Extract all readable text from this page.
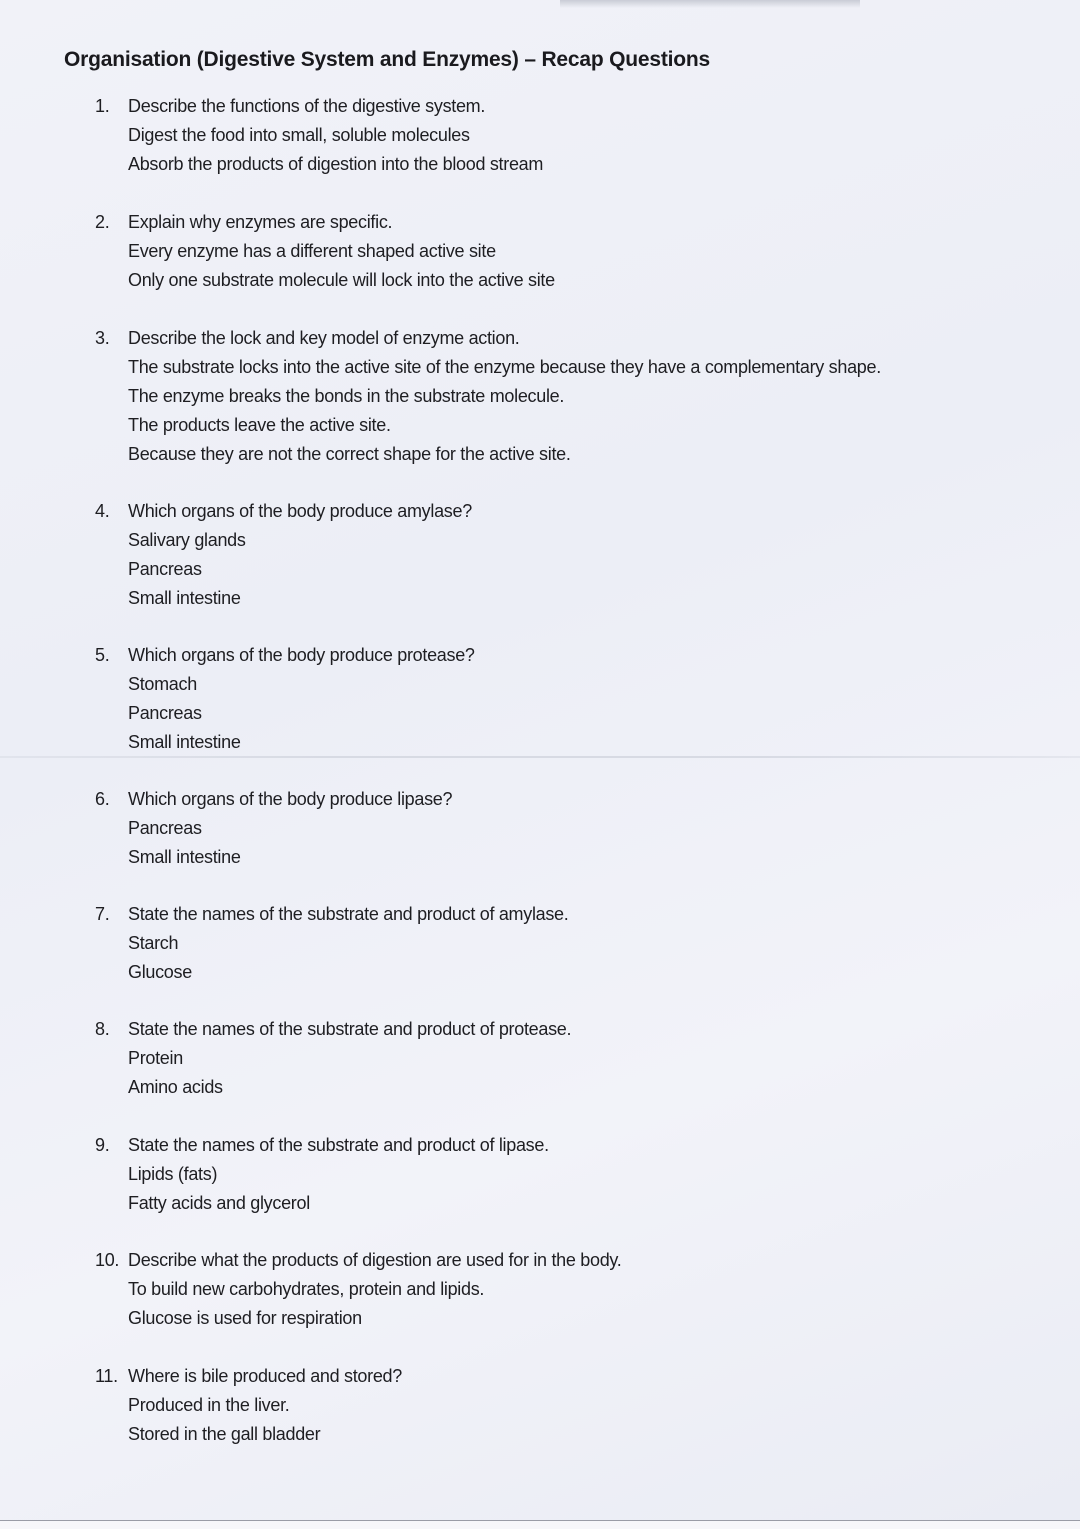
Organisation (Digestive System and Enzymes) – Recap Questions
1. Describe the functions of the digestive system.
Digest the food into small, soluble molecules
Absorb the products of digestion into the blood stream
2. Explain why enzymes are specific.
Every enzyme has a different shaped active site
Only one substrate molecule will lock into the active site
3. Describe the lock and key model of enzyme action.
The substrate locks into the active site of the enzyme because they have a complementary shape.
The enzyme breaks the bonds in the substrate molecule.
The products leave the active site.
Because they are not the correct shape for the active site.
4. Which organs of the body produce amylase?
Salivary glands
Pancreas
Small intestine
5. Which organs of the body produce protease?
Stomach
Pancreas
Small intestine
6. Which organs of the body produce lipase?
Pancreas
Small intestine
7. State the names of the substrate and product of amylase.
Starch
Glucose
8. State the names of the substrate and product of protease.
Protein
Amino acids
9. State the names of the substrate and product of lipase.
Lipids (fats)
Fatty acids and glycerol
10. Describe what the products of digestion are used for in the body.
To build new carbohydrates, protein and lipids.
Glucose is used for respiration
11. Where is bile produced and stored?
Produced in the liver.
Stored in the gall bladder
